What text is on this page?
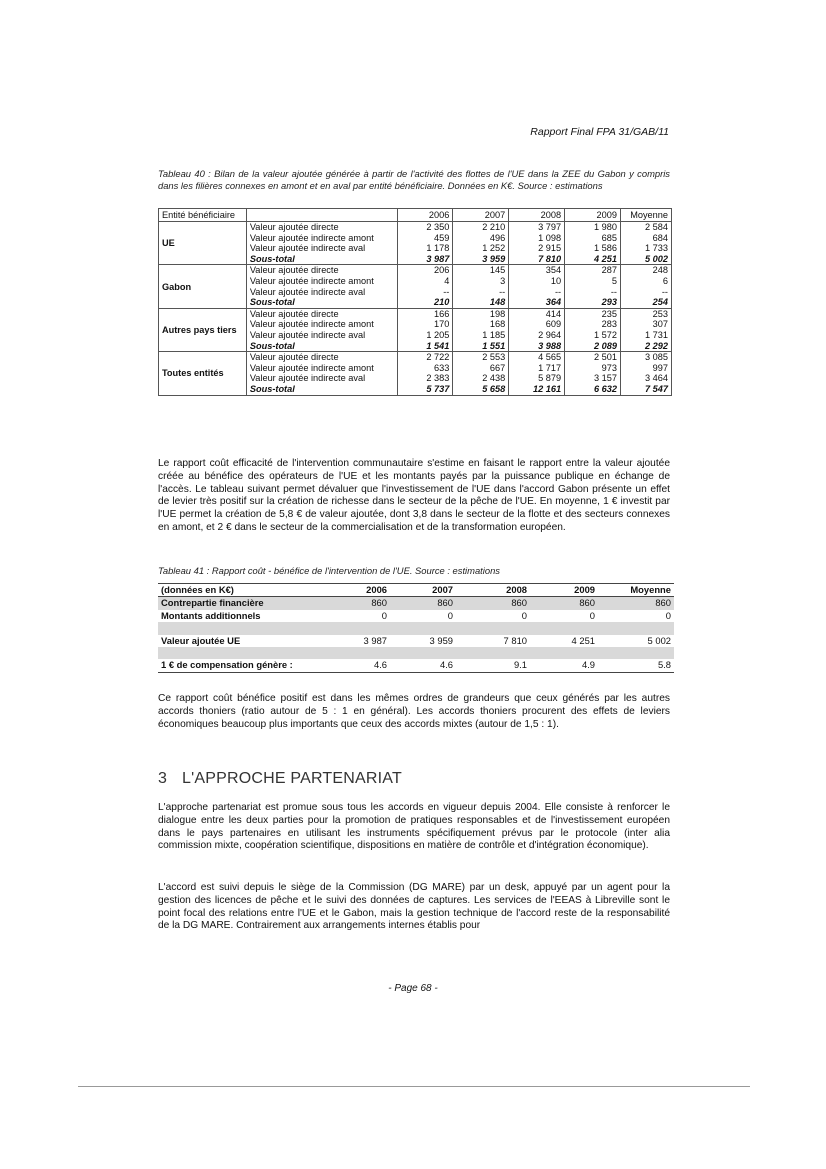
Rapport Final FPA 31/GAB/11
Tableau 40 : Bilan de la valeur ajoutée générée à partir de l'activité des flottes de l'UE dans la ZEE du Gabon y compris dans les filières connexes en amont et en aval par entité bénéficiaire. Données en K€. Source : estimations
Entité bénéficiaire		2006	2007	2008	2009	Moyenne
UE	Valeur ajoutée directe	2 350	2 210	3 797	1 980	2 584
	Valeur ajoutée indirecte amont	459	496	1 098	685	684
	Valeur ajoutée indirecte aval	1 178	1 252	2 915	1 586	1 733
	Sous-total	3 987	3 959	7 810	4 251	5 002
Gabon	Valeur ajoutée directe	206	145	354	287	248
	Valeur ajoutée indirecte amont	4	3	10	5	6
	Valeur ajoutée indirecte aval	--	--	--	--	--
	Sous-total	210	148	364	293	254
Autres pays tiers	Valeur ajoutée directe	166	198	414	235	253
	Valeur ajoutée indirecte amont	170	168	609	283	307
	Valeur ajoutée indirecte aval	1 205	1 185	2 964	1 572	1 731
	Sous-total	1 541	1 551	3 988	2 089	2 292
Toutes entités	Valeur ajoutée directe	2 722	2 553	4 565	2 501	3 085
	Valeur ajoutée indirecte amont	633	667	1 717	973	997
	Valeur ajoutée indirecte aval	2 383	2 438	5 879	3 157	3 464
	Sous-total	5 737	5 658	12 161	6 632	7 547

Le rapport coût efficacité de l'intervention communautaire s'estime en faisant le rapport entre la valeur ajoutée créée au bénéfice des opérateurs de l'UE et les montants payés par la puissance publique en échange de l'accès. Le tableau suivant permet dévaluer que l'investissement de l'UE dans l'accord Gabon présente un effet de levier très positif sur la création de richesse dans le secteur de la pêche de l'UE. En moyenne, 1 € investit par l'UE permet la création de 5,8 € de valeur ajoutée, dont 3,8 dans le secteur de la flotte et des secteurs connexes en amont, et 2 € dans le secteur de la commercialisation et de la transformation européen.

Tableau 41 : Rapport coût - bénéfice de l'intervention de l'UE. Source : estimations
(données en K€)	2006	2007	2008	2009	Moyenne
Contrepartie financière	860	860	860	860	860
Montants additionnels	0	0	0	0	0

Valeur ajoutée UE	3 987	3 959	7 810	4 251	5 002

1 € de compensation génère :	4.6	4.6	9.1	4.9	5.8

Ce rapport coût bénéfice positif est dans les mêmes ordres de grandeurs que ceux générés par les autres accords thoniers (ratio autour de 5 : 1 en général). Les accords thoniers procurent des effets de leviers économiques beaucoup plus importants que ceux des accords mixtes (autour de 1,5 : 1).

3 L'APPROCHE PARTENARIAT

L'approche partenariat est promue sous tous les accords en vigueur depuis 2004. Elle consiste à renforcer le dialogue entre les deux parties pour la promotion de pratiques responsables et de l'investissement européen dans le pays partenaires en utilisant les instruments spécifiquement prévus par le protocole (inter alia commission mixte, coopération scientifique, dispositions en matière de contrôle et d'intégration économique).

L'accord est suivi depuis le siège de la Commission (DG MARE) par un desk, appuyé par un agent pour la gestion des licences de pêche et le suivi des données de captures. Les services de l'EEAS à Libreville sont le point focal des relations entre l'UE et le Gabon, mais la gestion technique de l'accord reste de la responsabilité de la DG MARE. Contrairement aux arrangements internes établis pour

- Page 68 -
